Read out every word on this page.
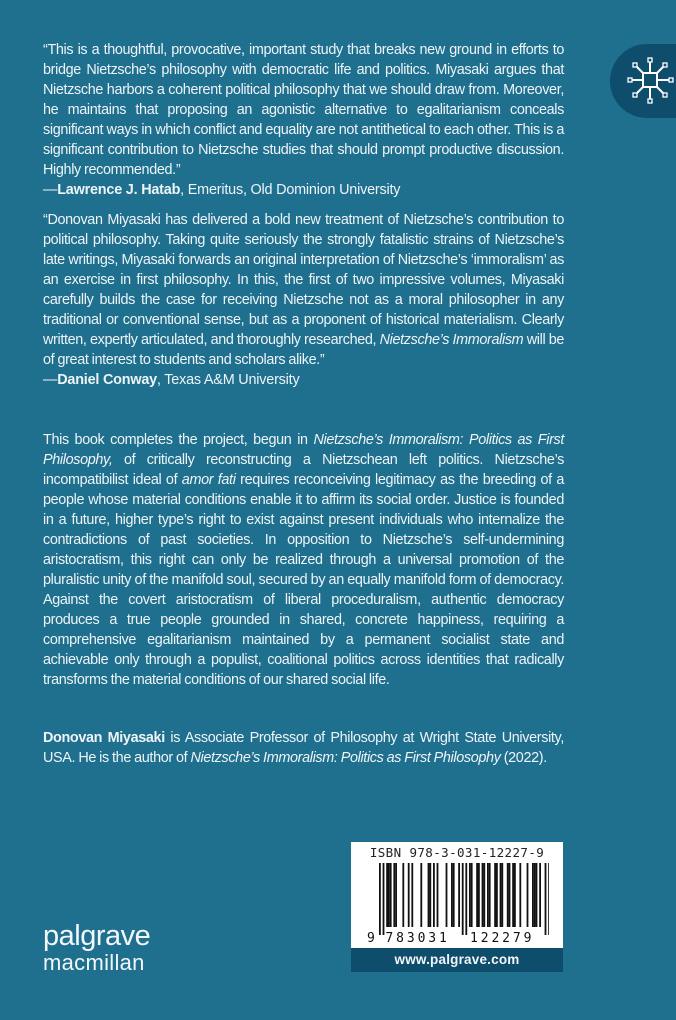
“This is a thoughtful, provocative, important study that breaks new ground in efforts to bridge Nietzsche’s philosophy with democratic life and politics. Miyasaki argues that Nietzsche harbors a coherent political philosophy that we should draw from. Moreover, he maintains that proposing an agonistic alternative to egalitarianism conceals significant ways in which conflict and equality are not antithetical to each other. This is a significant contribution to Nietzsche studies that should prompt productive discussion. Highly recommended.”

—Lawrence J. Hatab, Emeritus, Old Dominion University

“Donovan Miyasaki has delivered a bold new treatment of Nietzsche’s contribution to political philosophy. Taking quite seriously the strongly fatalistic strains of Nietzsche’s late writings, Miyasaki forwards an original interpretation of Nietzsche’s ‘immoralism’ as an exercise in first philosophy. In this, the first of two impressive volumes, Miyasaki carefully builds the case for receiving Nietzsche not as a moral philosopher in any traditional or conventional sense, but as a proponent of historical materialism. Clearly written, expertly articulated, and thoroughly researched, Nietzsche’s Immoralism will be of great interest to students and scholars alike.”

—Daniel Conway, Texas A&M University

This book completes the project, begun in Nietzsche’s Immoralism: Politics as First Philosophy, of critically reconstructing a Nietzschean left politics. Nietzsche’s incompatibilist ideal of amor fati requires reconceiving legitimacy as the breeding of a people whose material conditions enable it to affirm its social order. Justice is founded in a future, higher type’s right to exist against present individuals who internalize the contradictions of past societies. In opposition to Nietzsche’s self-undermining aristocratism, this right can only be realized through a universal promotion of the pluralistic unity of the manifold soul, secured by an equally manifold form of democracy. Against the covert aristocratism of liberal proceduralism, authentic democracy produces a true people grounded in shared, concrete happiness, requiring a comprehensive egalitarianism maintained by a permanent socialist state and achievable only through a populist, coalitional politics across identities that radically transforms the material conditions of our shared social life.

Donovan Miyasaki is Associate Professor of Philosophy at Wright State University, USA. He is the author of Nietzsche’s Immoralism: Politics as First Philosophy (2022).

palgrave
macmillan
ISBN 978-3-031-12227-9
9 783031 122279
www.palgrave.com
